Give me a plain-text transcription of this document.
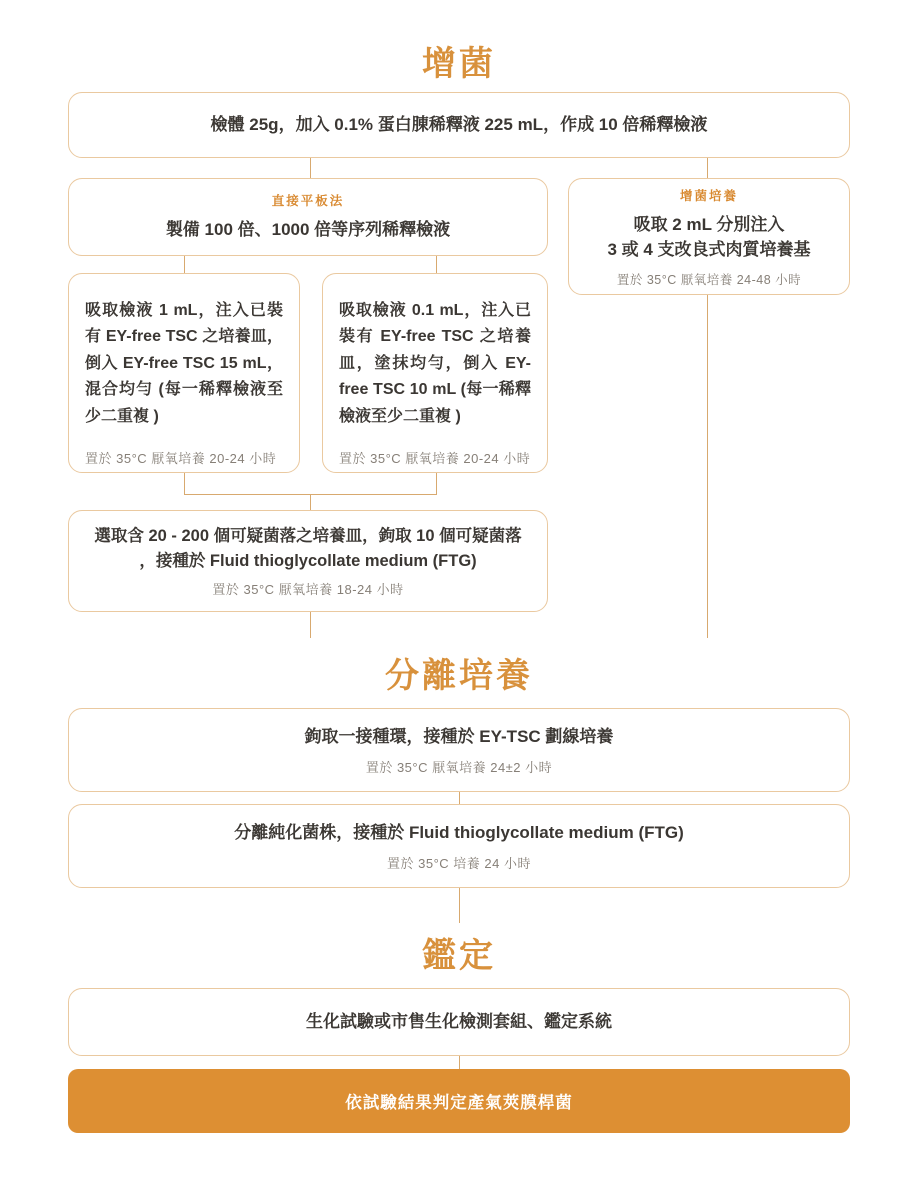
增菌
分離培養
鑑定
檢體 25g，加入 0.1% 蛋白腖稀釋液 225 mL，作成 10 倍稀釋檢液
直接平板法
製備 100 倍、1000 倍等序列稀釋檢液
增菌培養
吸取 2 mL 分別注入
3 或 4 支改良式肉質培養基
置於 35°C 厭氧培養 24-48 小時
吸取檢液 1 mL，注入已裝有 EY-free TSC 之培養皿，倒入 EY-free TSC 15 mL，混合均勻 (每一稀釋檢液至少二重複 )
置於 35°C 厭氧培養 20-24 小時
吸取檢液 0.1 mL，注入已裝有 EY-free TSC 之培養皿，塗抹均勻，倒入 EY-free TSC 10 mL (每一稀釋檢液至少二重複 )
置於 35°C 厭氧培養 20-24 小時
選取含 20 - 200 個可疑菌落之培養皿，鉤取 10 個可疑菌落
，接種於 Fluid thioglycollate medium (FTG)
置於 35°C 厭氧培養 18-24 小時
鉤取一接種環，接種於 EY-TSC 劃線培養
置於 35°C 厭氧培養 24±2 小時
分離純化菌株，接種於 Fluid thioglycollate medium (FTG)
置於 35°C 培養 24 小時
生化試驗或市售生化檢測套組、鑑定系統
依試驗結果判定產氣莢膜桿菌
